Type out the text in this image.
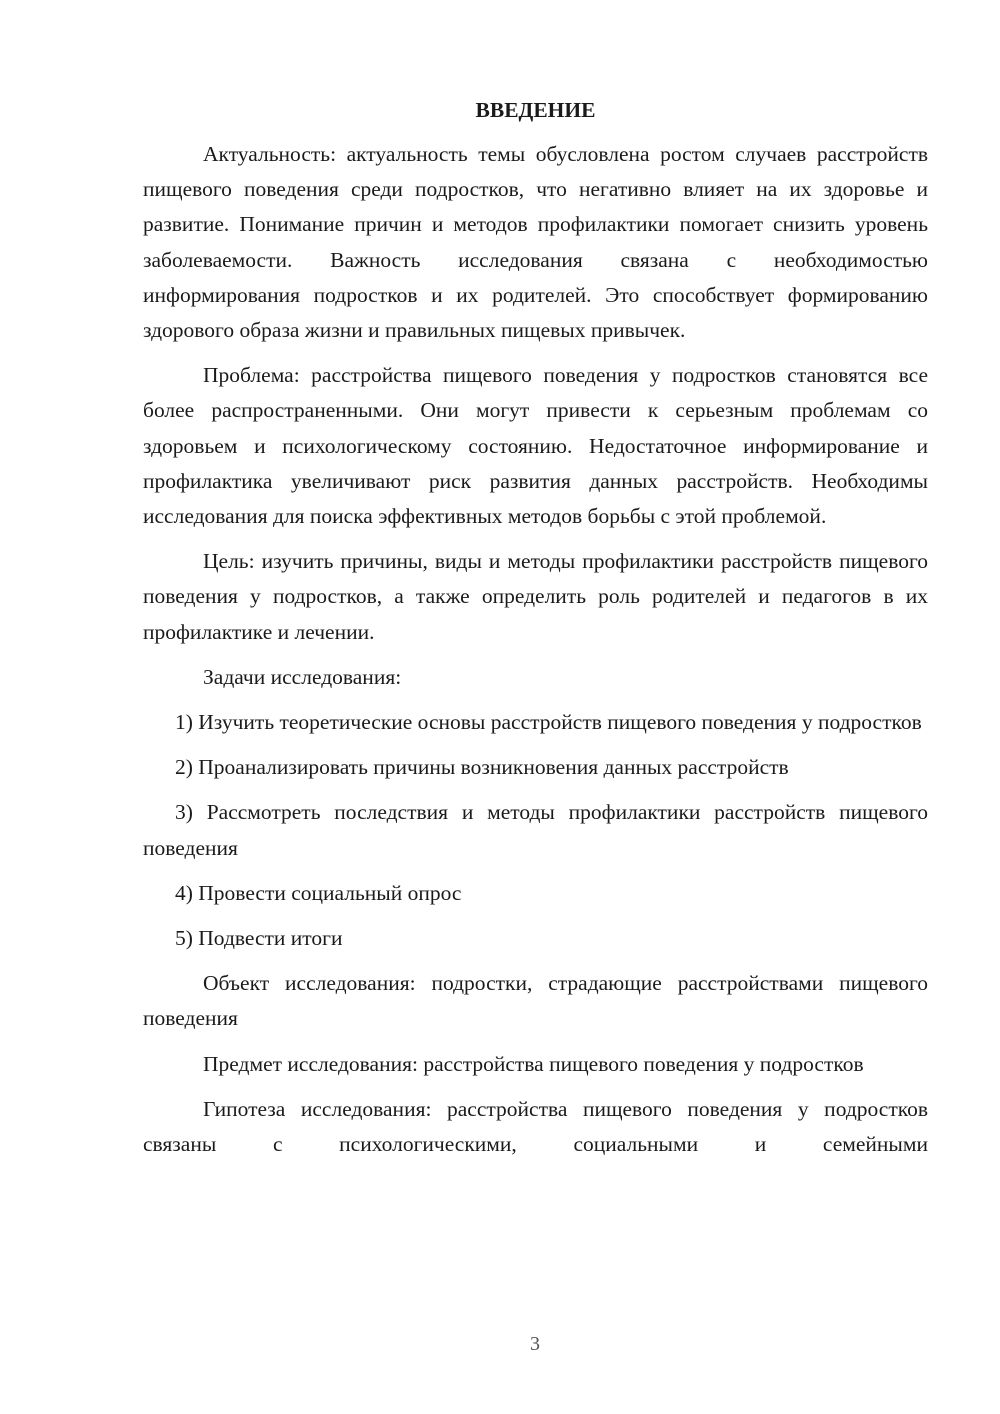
ВВЕДЕНИЕ

Актуальность: актуальность темы обусловлена ростом случаев расстройств пищевого поведения среди подростков, что негативно влияет на их здоровье и развитие. Понимание причин и методов профилактики помогает снизить уровень заболеваемости. Важность исследования связана с необходимостью информирования подростков и их родителей. Это способствует формированию здорового образа жизни и правильных пищевых привычек.

Проблема: расстройства пищевого поведения у подростков становятся все более распространенными. Они могут привести к серьезным проблемам со здоровьем и психологическому состоянию. Недостаточное информирование и профилактика увеличивают риск развития данных расстройств. Необходимы исследования для поиска эффективных методов борьбы с этой проблемой.

Цель: изучить причины, виды и методы профилактики расстройств пищевого поведения у подростков, а также определить роль родителей и педагогов в их профилактике и лечении.

Задачи исследования:

1) Изучить теоретические основы расстройств пищевого поведения у подростков

2) Проанализировать причины возникновения данных расстройств

3) Рассмотреть последствия и методы профилактики расстройств пищевого поведения

4) Провести социальный опрос

5) Подвести итоги

Объект исследования: подростки, страдающие расстройствами пищевого поведения

Предмет исследования: расстройства пищевого поведения у подростков

Гипотеза исследования: расстройства пищевого поведения у подростков связаны с психологическими, социальными и семейными

3
